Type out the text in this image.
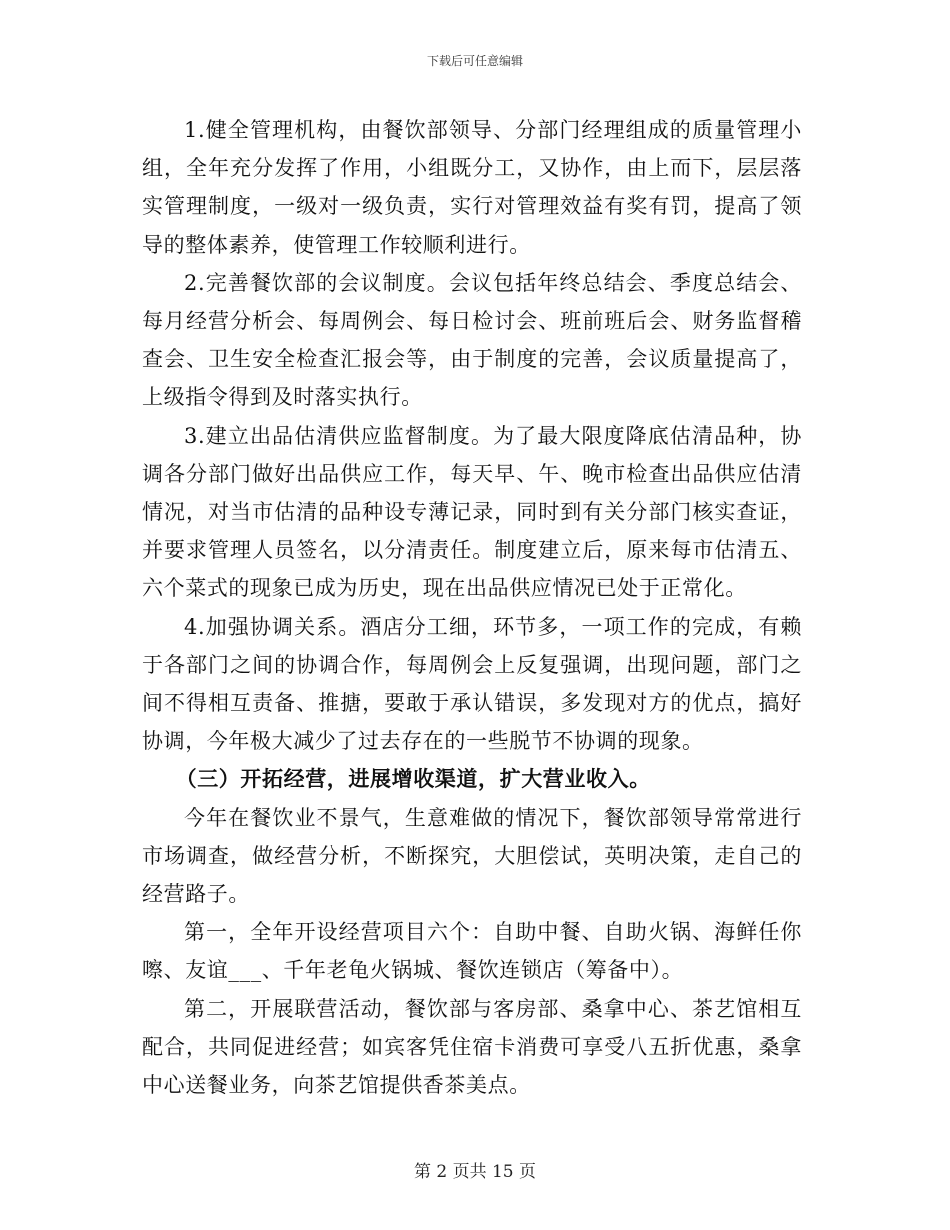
下载后可任意编辑

1.健全管理机构，由餐饮部领导、分部门经理组成的质量管理小组，全年充分发挥了作用，小组既分工，又协作，由上而下，层层落实管理制度，一级对一级负责，实行对管理效益有奖有罚，提高了领导的整体素养，使管理工作较顺利进行。

2.完善餐饮部的会议制度。会议包括年终总结会、季度总结会、每月经营分析会、每周例会、每日检讨会、班前班后会、财务监督稽查会、卫生安全检查汇报会等，由于制度的完善，会议质量提高了，上级指令得到及时落实执行。

3.建立出品估清供应监督制度。为了最大限度降底估清品种，协调各分部门做好出品供应工作，每天早、午、晚市检查出品供应估清情况，对当市估清的品种设专薄记录，同时到有关分部门核实查证，并要求管理人员签名，以分清责任。制度建立后，原来每市估清五、六个菜式的现象已成为历史，现在出品供应情况已处于正常化。

4.加强协调关系。酒店分工细，环节多，一项工作的完成，有赖于各部门之间的协调合作，每周例会上反复强调，出现问题，部门之间不得相互责备、推搪，要敢于承认错误，多发现对方的优点，搞好协调，今年极大减少了过去存在的一些脱节不协调的现象。

（三）开拓经营，进展增收渠道，扩大营业收入。

今年在餐饮业不景气，生意难做的情况下，餐饮部领导常常进行市场调查，做经营分析，不断探究，大胆偿试，英明决策，走自己的经营路子。

第一，全年开设经营项目六个：自助中餐、自助火锅、海鲜任你嚓、友谊___、千年老龟火锅城、餐饮连锁店（筹备中）。

第二，开展联营活动，餐饮部与客房部、桑拿中心、茶艺馆相互配合，共同促进经营；如宾客凭住宿卡消费可享受八五折优惠，桑拿中心送餐业务，向茶艺馆提供香茶美点。

第 2 页共 15 页
